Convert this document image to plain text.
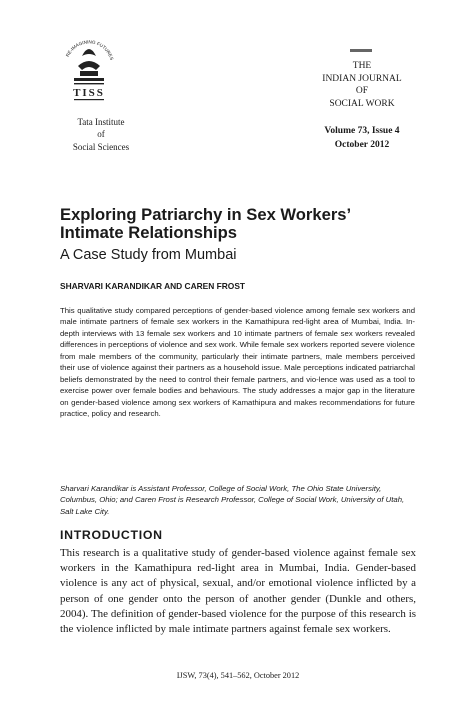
RE-IMAGINING FUTURES
TISS
Tata Institute
of
Social Sciences
THE
INDIAN JOURNAL
OF
SOCIAL WORK
Volume 73, Issue 4
October 2012
Exploring Patriarchy in Sex Workers’
Intimate Relationships
A Case Study from Mumbai
SHARVARI KARANDIKAR AND CAREN FROST

This qualitative study compared perceptions of gender-based violence among female sex workers and male intimate partners of female sex workers in the Kamathipura red-light area of Mumbai, India. In-depth interviews with 13 female sex workers and 10 intimate partners of female sex workers revealed differences in perceptions of violence and sex work. While female sex workers reported severe violence from male members of the community, particularly their intimate partners, male members perceived their use of violence against their partners as a household issue. Male perceptions indicated patriarchal beliefs demonstrated by the need to control their female partners, and vio-lence was used as a tool to exercise power over female bodies and behaviours. The study addresses a major gap in the literature on gender-based violence among sex workers of Kamathipura and makes recommendations for future practice, policy and research.

Sharvari Karandikar is Assistant Professor, College of Social Work, The Ohio State University, Columbus, Ohio; and Caren Frost is Research Professor, College of Social Work, University of Utah, Salt Lake City.

INTRODUCTION

This research is a qualitative study of gender-based violence against female sex workers in the Kamathipura red-light area in Mumbai, India. Gender-based violence is any act of physical, sexual, and/or emotional violence inflicted by a person of one gender onto the person of another gender (Dunkle and others, 2004). The definition of gender-based violence for the purpose of this research is the violence inflicted by male intimate partners against female sex workers.

IJSW, 73(4), 541–562, October 2012
